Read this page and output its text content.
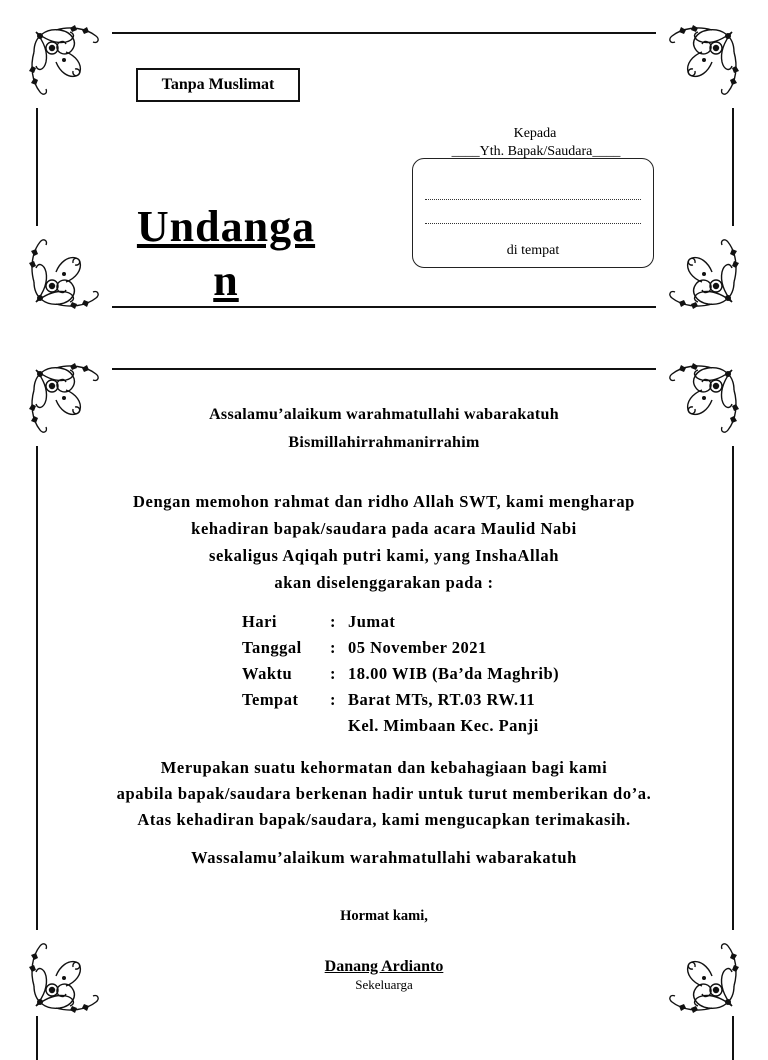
Tanpa Muslimat
Undangan
Kepada
____Yth. Bapak/Saudara____
di tempat
Assalamu’alaikum warahmatullahi wabarakatuh
Bismillahirrahmanirrahim
Dengan memohon rahmat dan ridho Allah SWT, kami mengharap
kehadiran bapak/saudara pada acara Maulid Nabi
sekaligus Aqiqah putri kami, yang InshaAllah
akan diselenggarakan pada :
Hari	: Jumat
Tanggal : 05 November 2021
Waktu : 18.00 WIB (Ba’da Maghrib)
Tempat : Barat MTs, RT.03 RW.11
Kel. Mimbaan Kec. Panji
Merupakan suatu kehormatan dan kebahagiaan bagi kami
apabila bapak/saudara berkenan hadir untuk turut memberikan do’a.
Atas kehadiran bapak/saudara, kami mengucapkan terimakasih.
Wassalamu’alaikum warahmatullahi wabarakatuh
Hormat kami,
Danang Ardianto
Sekeluarga
